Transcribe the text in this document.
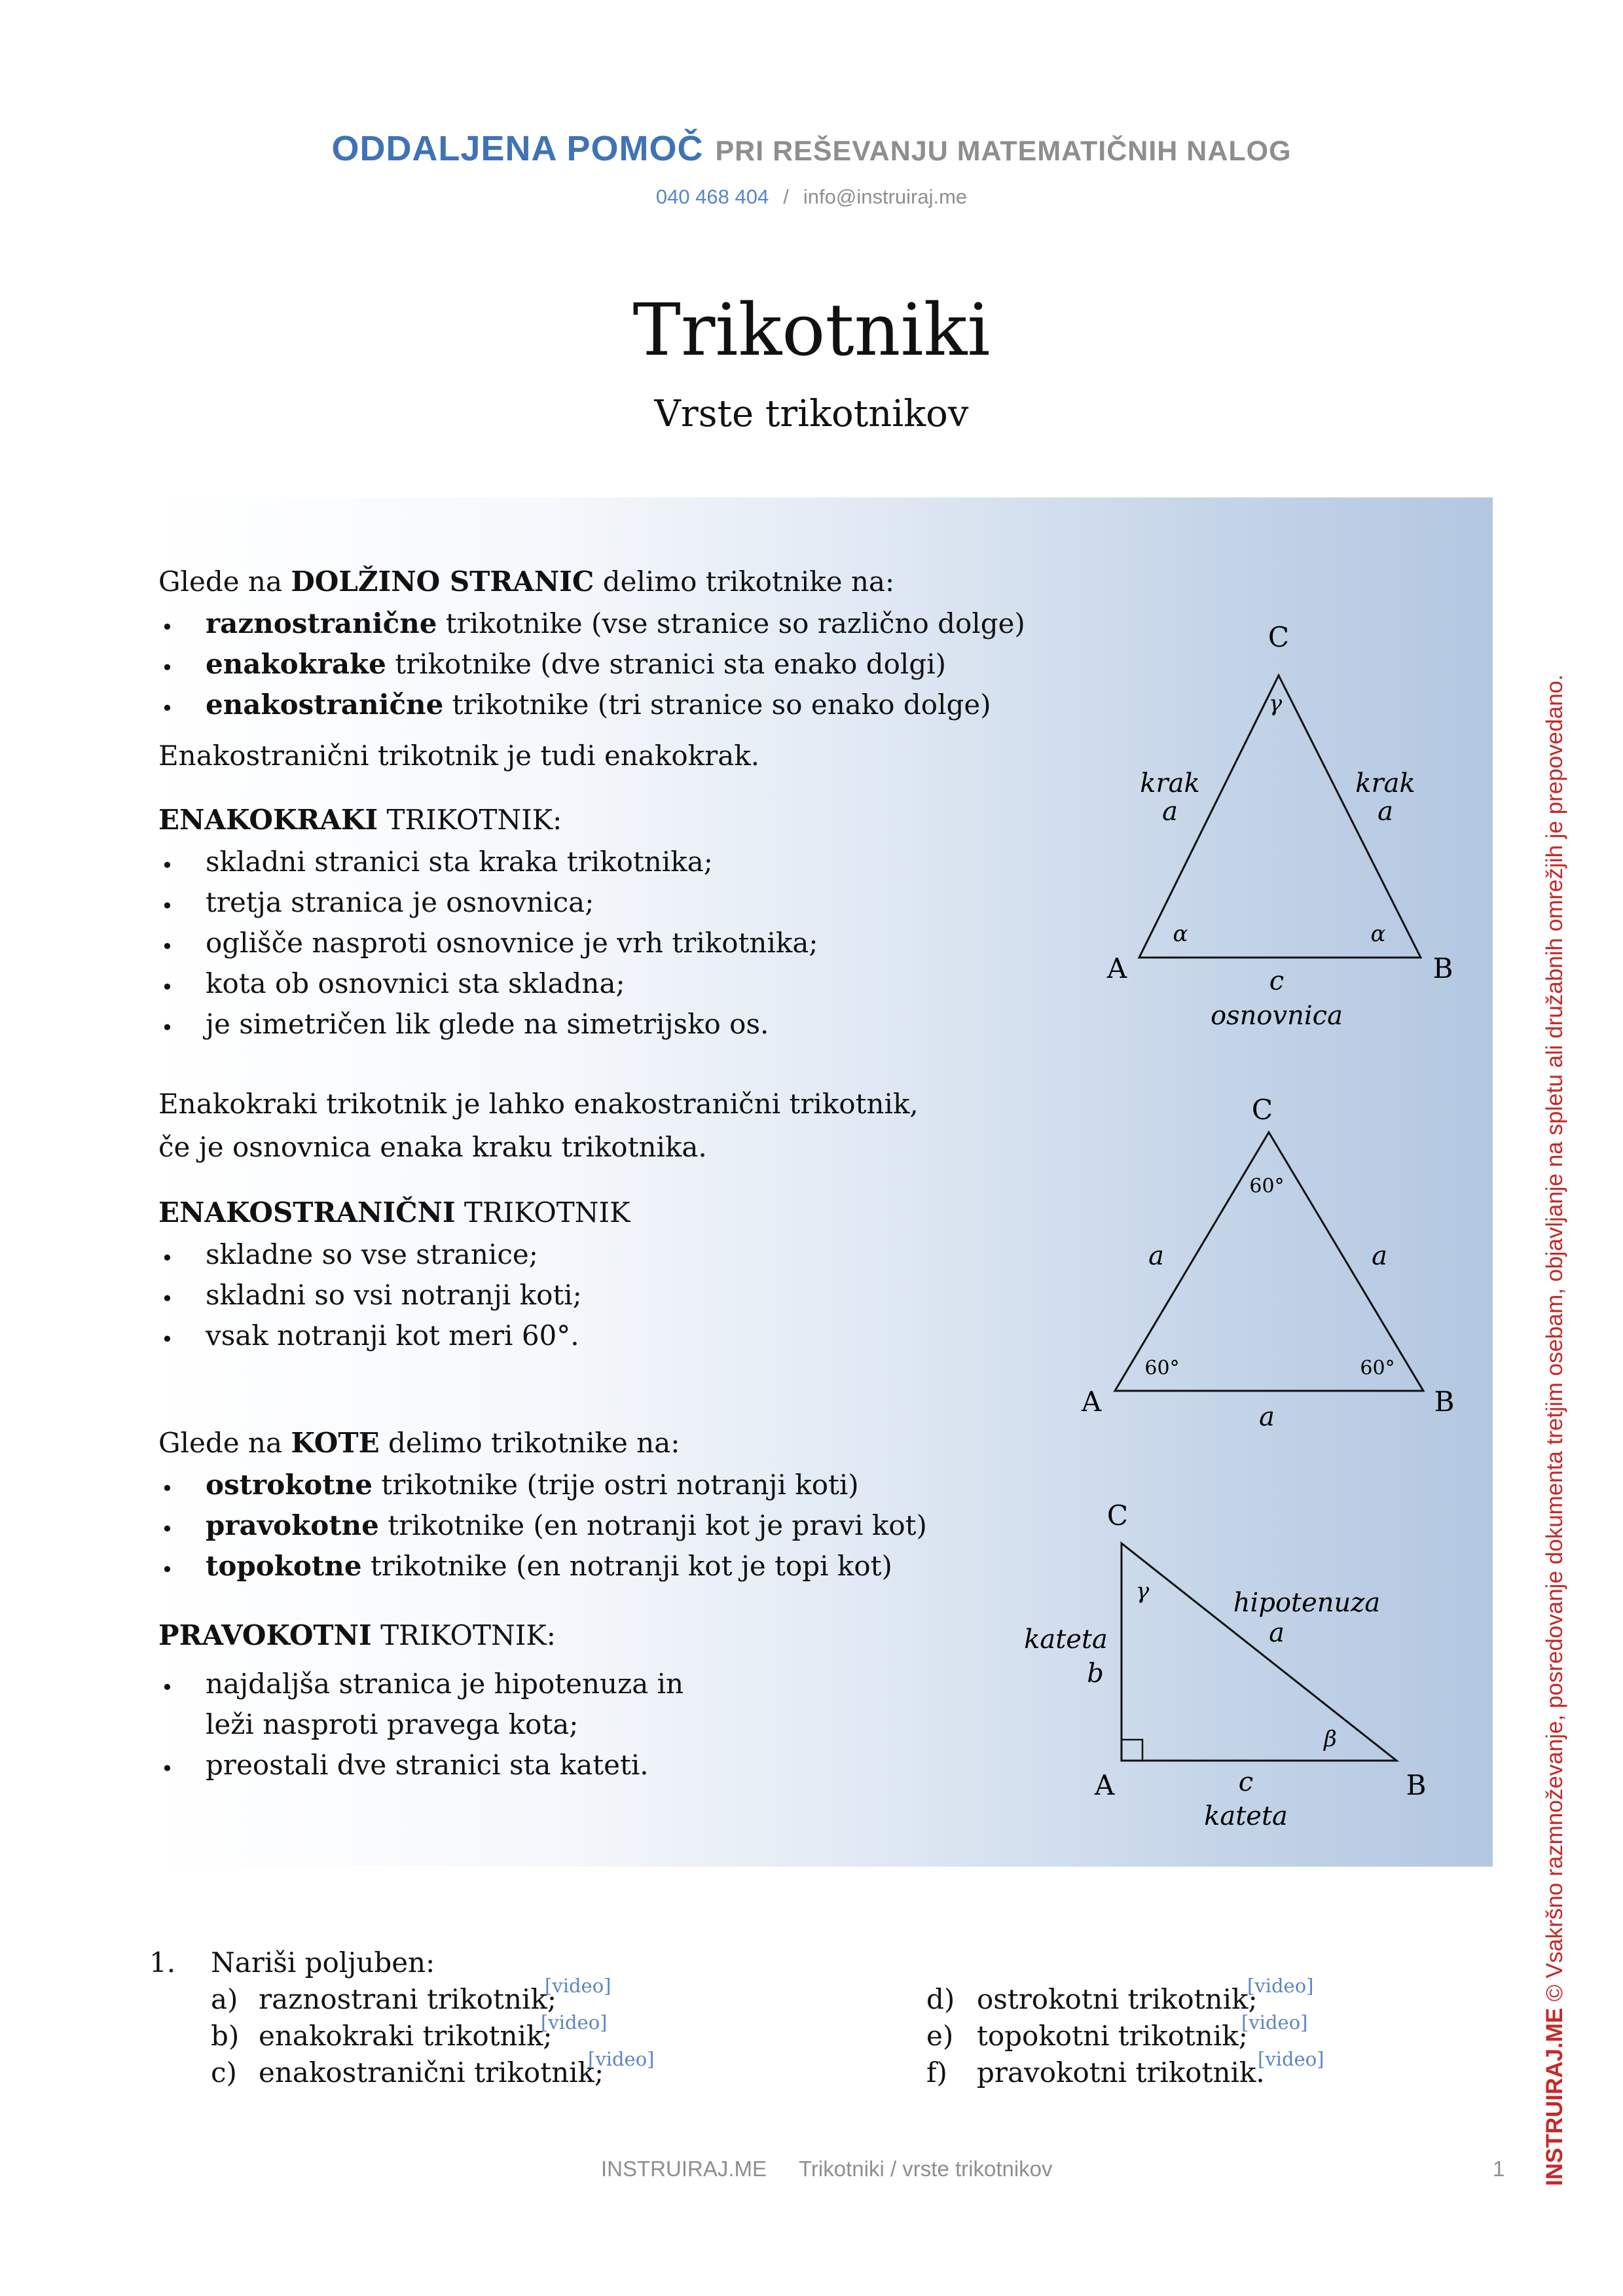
ODDALJENA POMOČ PRI REŠEVANJU MATEMATIČNIH NALOG
040 468 404 / info@instruiraj.me
Trikotniki
Vrste trikotnikov
Glede na DOLŽINO STRANIC delimo trikotnike na:
• raznostranične trikotnike (vse stranice so različno dolge)
• enakokrake trikotnike (dve stranici sta enako dolgi)
• enakostranične trikotnike (tri stranice so enako dolge)
Enakostranični trikotnik je tudi enakokrak.
ENAKOKRAKI TRIKOTNIK:
• skladni stranici sta kraka trikotnika;
• tretja stranica je osnovnica;
• oglišče nasproti osnovnice je vrh trikotnika;
• kota ob osnovnici sta skladna;
• je simetričen lik glede na simetrijsko os.
Enakokraki trikotnik je lahko enakostranični trikotnik,
če je osnovnica enaka kraku trikotnika.
ENAKOSTRANIČNI TRIKOTNIK
• skladne so vse stranice;
• skladni so vsi notranji koti;
• vsak notranji kot meri 60°.
Glede na KOTE delimo trikotnike na:
• ostrokotne trikotnike (trije ostri notranji koti)
• pravokotne trikotnike (en notranji kot je pravi kot)
• topokotne trikotnike (en notranji kot je topi kot)
PRAVOKOTNI TRIKOTNIK:
• najdaljša stranica je hipotenuza in
leži nasproti pravega kota;
• preostali dve stranici sta kateti.
C
A	B
γ
α	α
krak
a
krak
a
c
osnovnica
C
A	B
60°
60°	60°
a	a
a
C
A	B
γ
β
hipotenuza
a
kateta
b
c
kateta
1. Nariši poljuben:
a) raznostrani trikotnik;
[video]
b) enakokraki trikotnik;
[video]
c) enakostranični trikotnik;
[video]
d) ostrokotni trikotnik;
[video]
e) topokotni trikotnik;
[video]
f) pravokotni trikotnik.
[video]
INSTRUIRAJ.ME Trikotniki / vrste trikotnikov	1 INSTRUIRAJ.ME © Vsakršno razmnoževanje, posredovanje dokumenta tretjim osebam, objavljanje na spletu ali družabnih omrežjih je prepovedano.
